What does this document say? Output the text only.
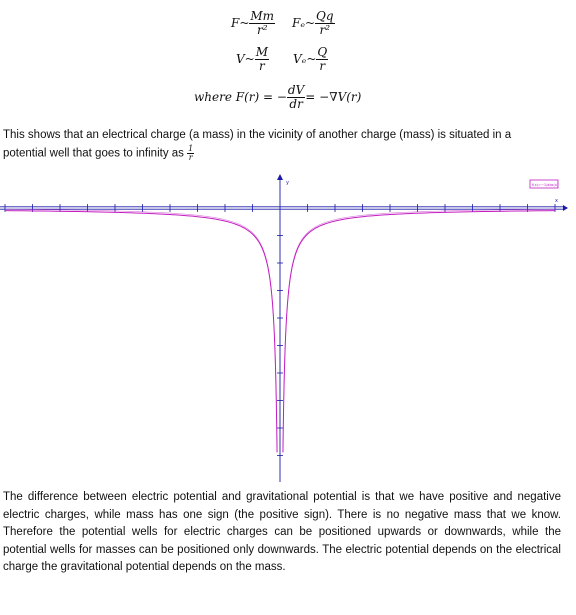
F~ $\frac{Mm}{\text{r²}}$ Fₑ~ $\frac{Qq}{\text{r²}}$
V~ $\frac{M}{r}$ Vₑ~ $\frac{Q}{r}$
where F(r) = − $\frac{dV}{dr} = -\nabla V(r)$
This shows that an electrical charge (a mass) in the vicinity of another charge (mass) is situated in a
potential well that goes to infinity as $\frac{1}{r}$
y
x
f(x)=−1/abs(x)
The difference between electric potential and gravitational potential is that we have positive and negative electric charges, while mass has one sign (the positive sign). There is no negative mass that we know. Therefore the potential wells for electric charges can be positioned upwards or downwards, while the potential wells for masses can be positioned only downwards. The electric potential depends on the electrical charge the gravitational potential depends on the mass.
